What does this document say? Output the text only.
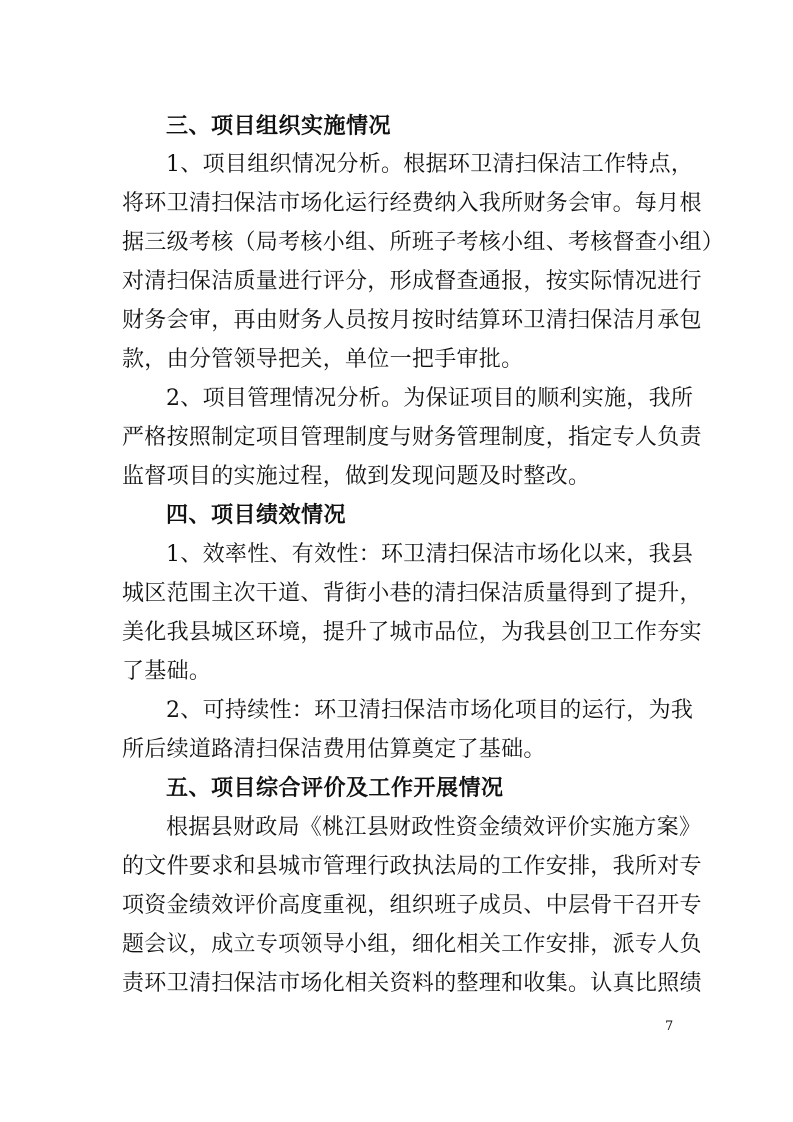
三、项目组织实施情况
1、项目组织情况分析。根据环卫清扫保洁工作特点，
将环卫清扫保洁市场化运行经费纳入我所财务会审。每月根
据三级考核（局考核小组、所班子考核小组、考核督查小组）
对清扫保洁质量进行评分，形成督查通报，按实际情况进行
财务会审，再由财务人员按月按时结算环卫清扫保洁月承包
款，由分管领导把关，单位一把手审批。
2、项目管理情况分析。为保证项目的顺利实施，我所
严格按照制定项目管理制度与财务管理制度，指定专人负责
监督项目的实施过程，做到发现问题及时整改。
四、项目绩效情况
1、效率性、有效性：环卫清扫保洁市场化以来，我县
城区范围主次干道、背街小巷的清扫保洁质量得到了提升，
美化我县城区环境，提升了城市品位，为我县创卫工作夯实
了基础。
2、可持续性：环卫清扫保洁市场化项目的运行，为我
所后续道路清扫保洁费用估算奠定了基础。
五、项目综合评价及工作开展情况
根据县财政局《桃江县财政性资金绩效评价实施方案》
的文件要求和县城市管理行政执法局的工作安排，我所对专
项资金绩效评价高度重视，组织班子成员、中层骨干召开专
题会议，成立专项领导小组，细化相关工作安排，派专人负
责环卫清扫保洁市场化相关资料的整理和收集。认真比照绩
7
